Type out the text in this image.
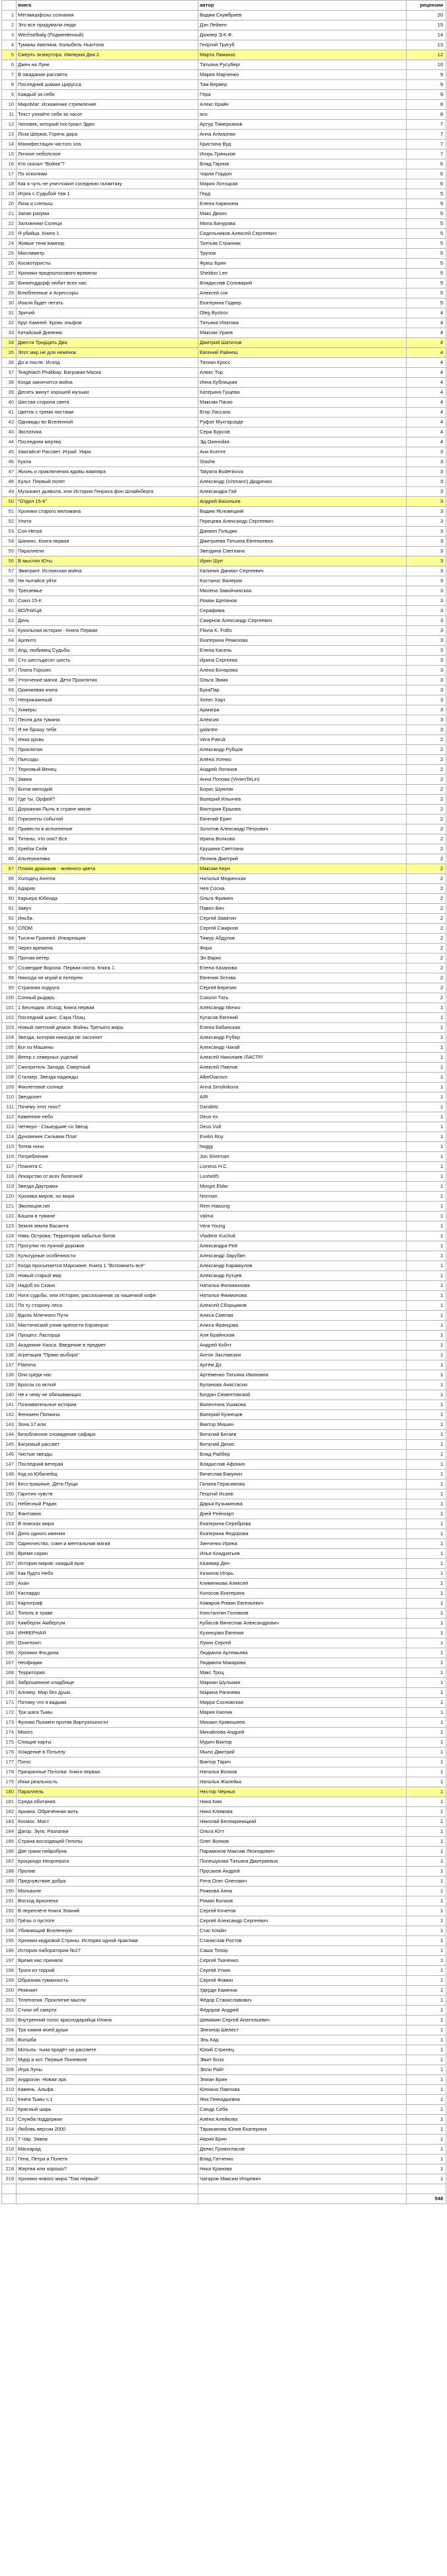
	книга	автор	рецензии
1	Метаморфозы сознания	Вадим Скумбриев	20
2	Это все придумали люди	Дэн Лейнен	15
3	Wechselbalg (Подменённый)	Дюкнер Э.К.Ф.	14
4	Туманы Авелина. Колыбель Ньютона	Георгий Тригуб	13
5	Смерть экзекутора. Империя Дня 2	Марта Ламанос	12
6	Джен на Луне	Татьяна Русуберг	10
7	В ожидании рассвета	Мария Марченко	9
8	Последний шаман Цирусса	Тим Вервер	9
9	Каждый за себя	Гёра	9
10	МироМаг: Искажение стремление	Алекс Крайн	8
11	Текст узнайте себя за часот	anc	8
12	Человек, который построил Эден	Артур Тимерханов	7
13	Лоза Шерма. Горечь дара	Анна Алмазная	7
14	Манифестация чистого зла	Кристина Вуд	7
15	Личное неболсное	Игорь Гриньков	7
16	Кто сказал "Война"?	Влад Гарнов	6
17	По осколкам	Чарли Гордон	6
18	Как я чуть не уничтожил соседнюю галактику	Мария Лотоцкая	6
19	Игрок с Судьбой том 1	Герд	5
20	Лиза и слепыш	Елена Кирюхина	5
21	Запах разума	Макс Двоич	5
22	Заложники Солнца	Мила Бачурова	5
23	Я убийца. Книга 1	Сидельников Алексей Сергеевич	5
24	Живые тени вампир	Третьяк Странник	5
25	Миллиметр	Трупов	5
26	Космотуристы	Фреш Брин	5
27	Хроники предполосового времени	Sheldon Lee	5
28	Бинкенддорф любит всех нас	Владислав Соловарий	5
29	Влюбленные и Агрессоры	Алексей сок	5
30	Иоаля будет летать	Екатерина Годвер	5
31	Зричий	Oleg Bystrov	4
32	Круг Камней. Кровь эльфов	Татьяна Ипатова	4
33	Китайский Дневник	Максим Ураев	4
34	Двести Тридцать Два	Дмитрий Шатилов	4
35	Этот мир не для неженок	Евгений Райнеш	4
36	До и после. Исход	Татиан Кросс	4
37	Teaghlach Phabbay. Багровая Маска	Алекс Тор	4
38	Когда закончится война	Инна Кублицкая	4
39	Десять минут хорошей музыки	Катерина Гущева	4
40	Шестая сторона света	Максим Пагио	4
41	Цветок с тремя листами	Егор Лассаль	4
42	Однажды во Вселенной	Руфат Мухтарзаде	4
43	Экспатика	Серж Бурсов	4
44	Последняя жертва	Эд Окинойкя	4
45	Хватайся! Рассвет. Играй. Умри	Ани Ксенте	3
46	Кукла	Stashe	3
47	Жизнь и приключения вдовы вампира	Tatyana Budenkova	3
48	Культ. Первый полет	Александр (Ichmann) Дидренко	3
49	Музыкант дьявола, или История Генрихa фон Шлайнберга	Александра Гай	3
50	"Отдел 15-К"	Андрей Васильев	3
51	Хроники старого меломана	Вадим Ясновецкий	3
52	Улита	Герецева Александр Сергеевич	3
53	Сон Негра	Даниил Гольдин	3
54	Шанинс. Книга первая	Дмитриева Татьяна Евгеньевна	3
55	Параллели	Звездина Светлана	3
56	В мыслях Юты	Ирин Шул	3
57	Эмигрант. Исланская война	Калинин Даниил Сергеевич	3
58	Не пытайся уйти	Костанос Валерия	3
59	Трехземье	Милена Завойчинская	3
60	Союз 15-К	Роман Щепанов	3
61	ВОЛЧИЦА	Серафима	3
62	День	Смирнов Александр Сергеевич	3
63	Кукольная история - Книга Первая	Flavia K. Follis	3
64	Аргенто	Екатерина Ремизова	3
65	Апд, любимец Судьбы	Елена Кисель	3
66	Сто шестьдесят шесть	Ирина Сергеева	3
67	Плата Горских	Алена Бочарова	3
68	Утончение магии. Дети Проклятия	Ольга Эмма	3
69	Оранжевая книга	БукаПар	3
70	Неприкаянный	Хелег Харт	3
71	Химеры	Армагра	3
72	Песня для тумана	Алексия	3
73	Я не брошу тебя	galantre	3
74	Иная кровь	Vera Patruk	2
75	Проклятая	Александр Рубцов	2
76	Пьесоды	Алёна Усенко	2
77	Терновый Венец	Андрей Логинов	2
78	Замок	Анна Попова (VivienTeLin)	2
79	Богов мелодий	Борис Шумляк	2
80	Где ты, Орфей?	Валерий Ильичев	2
81	Дорожная Пыль в стране магов	Виктория Ершова	2
82	Горизонты событий	Евгений Ерин	2
83	Привести в исполнение	Золотов Александр Петрович	2
84	Титаны, что они? Все	Ирина Волкова	2
85	Крейзи Сейв	Крушина Светлана	2
86	Альтернатива	Леонов Дмитрий	2
87	Пламя драконов - зеленого цвета	Максим Керн	2
88	Холодец Ангела	Наталья Мединская	2
89	Адария	Нея Сосна	2
90	Карьера Юбенда	Ольга Фримен	2
91	Завуч	Павел Вяч	2
92	Иньба	Сергей Заватин	2
93	СЛОМ	Сергей Смирнов	2
94	Тысячи Гранней. Инкарнация	Тимур Абдулов	2
95	Через времена	Фира	2
96	Прочая ветер	Эл Варко	2
97	Созвездие Ворона. Первая охота. Книга 1	Елена Казанова	2
98	Никогда не играй в лотерею	Евгения Зотова	2
99	Странная подруга	Сергей Березин	2
100	Сонный рыдарь	Соколл Тать	2
101	1 Беснодиа. Исход. Книга первая	Александр Мичко	1
102	Последний шанс: Сара Плац	Кутасов Евгений	1
103	Новый светский демон. Войны Третьего мира	Елена Бабинская	1
104	Звезда, которая никогда не засохнет	Александр Рубер	1
105	Бог из Машины	Александр Чакай	1
106	Ветер с северных ущелий	Алексей Николаев /ЛАСТР/	1
107	Смотритель Западa. Смертный	Алексей Павлов	1
108	Сталкер. Звезда надежды	AlbeDiacovo	1
109	Фиолетовое солнце	Anna Smolnikova	1
110	Звездолет	AIR	1
111	Почему этот тихо?	Dandelo	1
112	Каменное небо	Deus ex	1
113	Четверо - Сошедшие со Звезд	Deus Vult	1
114	Дуновение Сильвии Плат	Evelin Roy	1
115	Тотем ночи	hoggy	1
116	Потребление	Jon Sherman	1
117	Планета C	Lioness H.C.	1
118	Лекарство от всех болезней	Loshe85	1
119	Звезда Даутрама	Morgot Eldar	1
120	Хроника миров, но мира	Norman	1
121	Эволюция.net	Rem Haasing	1
122	Башня в тумане	Valma	1
123	Земля земли Васанта	Vera Young	1
124	Навь Острова. Территория забытых богов	Vladimir Kuchuk	1
125	Прогулки по лунной дорожке	Александра Рей	1
126	Культурные особенности	Александр Зарубин	1
127	Когда просыпается Марсиане. Книга 1 "Вспомнить всё"	Александр Караккулов	1
128	Новый старый мир	Александр Кутцев	1
129	Надоб по Скани	Наталья Филимонова	1
130	Ноги судьбы, или История, рассказанная за чашечкой кофе	Наталья Фиимонова	1
131	По ту сторону леса	Алексей Сборщиков	1
132	Вдоль Млечного Пути	Алиса Смелая	1
133	Мистический узник крепости Кэрзенрис	Алиса Францова	1
134	Процесс Ласгорца	Аля Брайнская	1
135	Академия Хаоса. Введение в предмет	Андрей Кобчт	1
136	Агрегация "Право выбора"	Антон Заславских	1
137	Flamma	Артём Дэ	1
138	Они среди нас	Артёменко Татьяна Ивановна	1
139	Бросок со мглой	Буланова Анастасия	1
140	Не к чему не обязывающих	Богдан Сементовский	1
141	Познавательные истории	Валентина Ушакова	1
142	Феномен Попкина	Валерий Кузнецов	1
143	Зона 17 или	Виктор Мишин	1
144	Безоблачное сновидение сафари	Виталий Бегаев	1
145	Багровый рассвет	Виталий Денис	1
146	Чистые звезды	Влад Райбер	1
147	Последний ветеран	Владислав Афонин	1
148	Код из Юбилейщ	Вячеслав Бакунин	1
149	Бесстрашные. Дети Пущи	Галина Герасимова	1
150	Гарнтия чувств	Георгий Исаев	1
151	Небесный Рэдан	Дарья Кузьминова	1
152	Фантомия	Дней Рейнхарт	1
153	В поисках мира	Екатерина Сереброва	1
154	Дело одного имения	Екатерина Федорова	1
155	Одиночество, сомн и ментальная магия	Зинченко Ирина	1
156	Время сирин	Илья Кондратьев	1
157	История миров: каждый враг	Казимир Ден	1
158	Как будто Небо	Кизилов Игорь	1
159	Ахан	Клименкова Алексей	1
160	Каспардо	Колосов Екатерина	1
161	Картограф	Комаров Роман Евгеньевич	1
162	Тополь в траве	Константин Головков	1
163	Кимберли Амбертум	Кубасов Вячеслав Александрович	1
164	ИНФЕРНАЯ	Кузнецова Евгения	1
165	Downtown	Лукин Сергей	1
166	Хроники Фосдона	Людмила Артемьева	1
167	Неофидии	Людмила Макарова	1
168	Территория	Макс Троц	1
169	Заброшенное кладбище	Мариан Шульман	1
170	Аллиер. Мир без души	Марина Рагачева	1
171	Потому что я вадьма	Мирра Сосновская	1
172	Три шага Тьмы	Мария Кнопик	1
173	Фрэнки Пьюмен против Виртуальности	Михаил Кривошеев	1
174	Mooirs	Михайлова Андрей	1
175	Спящие карты	Мурич Виктор	1
176	Хождение в Потьелу	Мыло Дмитрий	1
177	Погос	Виктор Тарич	1
178	Призрачные Потолки. Книга первая.	Наталья Волков	1
179	Иная реальность	Наталья Жалейка	1
180	Параллель	Нестор Чёрных	1
181	Среда обитания	Ника Ким	1
182	Ариана. Обречённая жить	Ника Климова	1
183	Космос. Маст	Николай Белокриницкий	1
184	Дагор. Эугв. Разлапки	Ольга Ютт	1
185	Страна восходящей Гелопы	Олег Волков	1
186	Две грани нейробуна	Парамонов Максим Леонидович	1
187	Кроцюндо Неоргерога	Полешукова Татьяна Дмитриевна	1
188	Пролив	Прусаков Андрей	1
189	Предчувствие добра	Рита Олег Олегович	1
190	Мольвиле	Рожкова Анна	1
191	Восход Архонена	Роман Бычков	1
192	В переплёте Книги Знаний	Сергей Кочетов	1
193	Грёзы о пустоте	Сергей Александр Сергеевич	1
194	Убивающий Вселенную	Стас Клайн	1
195	Хроники кедровой Страны. История одной практики	Станислав Ростов	1
196	История лаборатории №27	Саша Топор	1
197	Время нас приняли	Сергей Ткаченко	1
198	Троги из торрий	Сергей Уткин	1
199	Образная туманность	Сергей Фомин	1
200	Ремнант	Удерди Каменок	1
201	Телепатия. Проклятие мысли	Фёдор Станиславович	1
202	Стихи об смерти	Фёдоров Андрей	1
203	Внутренний голос краснодарийца Илина	Шемякин Сергей Анатольевич	1
204	Три камня моей души	Элеонор Шелест	1
205	Волшба	Эль Кад	1
206	Мотыль: тьма придёт на рассвете	Юлий Стрелец	1
207	Мурр и кот. Первые Поневоле	Эмит Бозо	1
208	Игра Луны	Элли Райт	1
209	Андрогин. Новая эра	Элиан Брин	1
210	Камень. Альфа	Юлиана Павлова	1
211	Книга Тьмы ч.1	Яна Геннадьевна	1
212	Красный шарь	Сандр Себа	1
213	Служба поддержки	Алёна Алейкова	1
214	Любовь версии 2000	Тараканова Юлия Екатерина	1
215	7 Чар. Замок	Аврия Брин	1
216	Маскарад	Денис Громогласов	1
217	Гена, Петра и Полетя	Влад Гатченко	1
218	Жертва или хорошо?	Ника Кранова	1
219	Хроники нового мира "Том первый"	Чатаров Максим Игоревич	1

			548
